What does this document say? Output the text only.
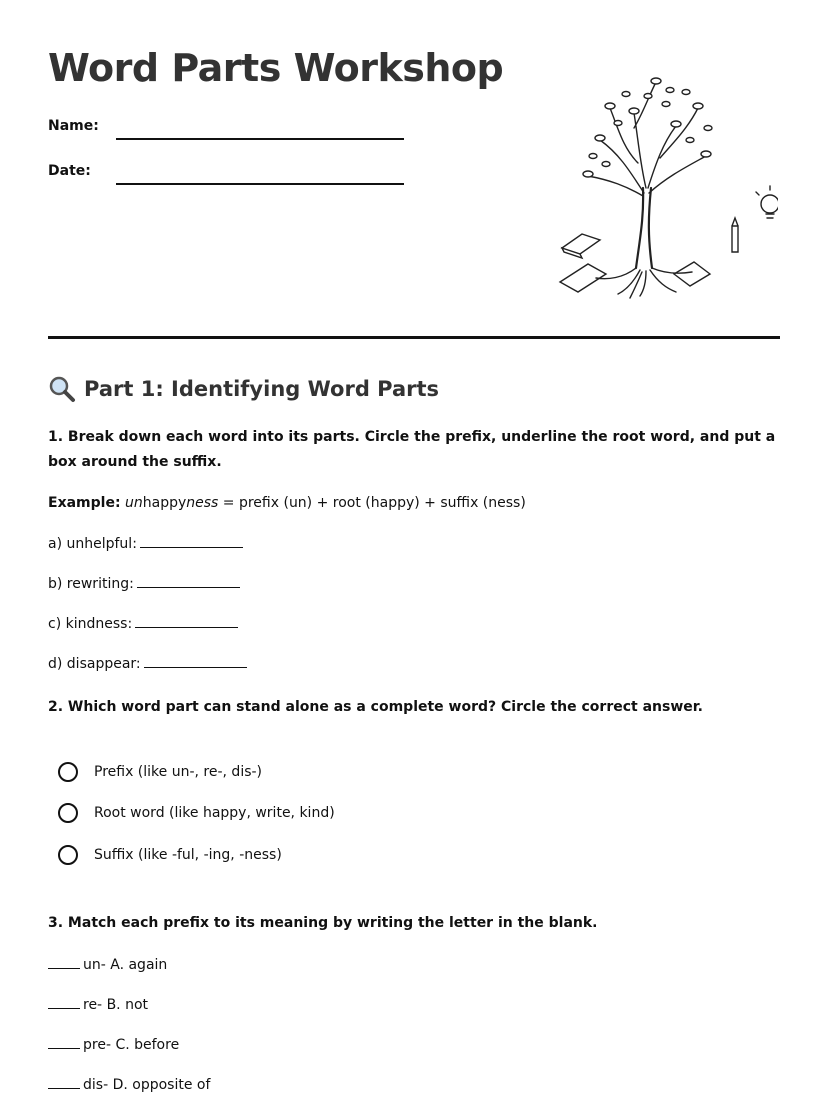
Word Parts Workshop
Name:
Date:
Part 1: Identifying Word Parts
1. Break down each word into its parts. Circle the prefix, underline the root word, and put a box around the suffix.
Example: unhappyness = prefix (un) + root (happy) + suffix (ness)
a) unhelpful:
b) rewriting:
c) kindness:
d) disappear:
2. Which word part can stand alone as a complete word? Circle the correct answer.
Prefix (like un-, re-, dis-)
Root word (like happy, write, kind)
Suffix (like -ful, -ing, -ness)
3. Match each prefix to its meaning by writing the letter in the blank.
un- A. again
re- B. not
pre- C. before
dis- D. opposite of
